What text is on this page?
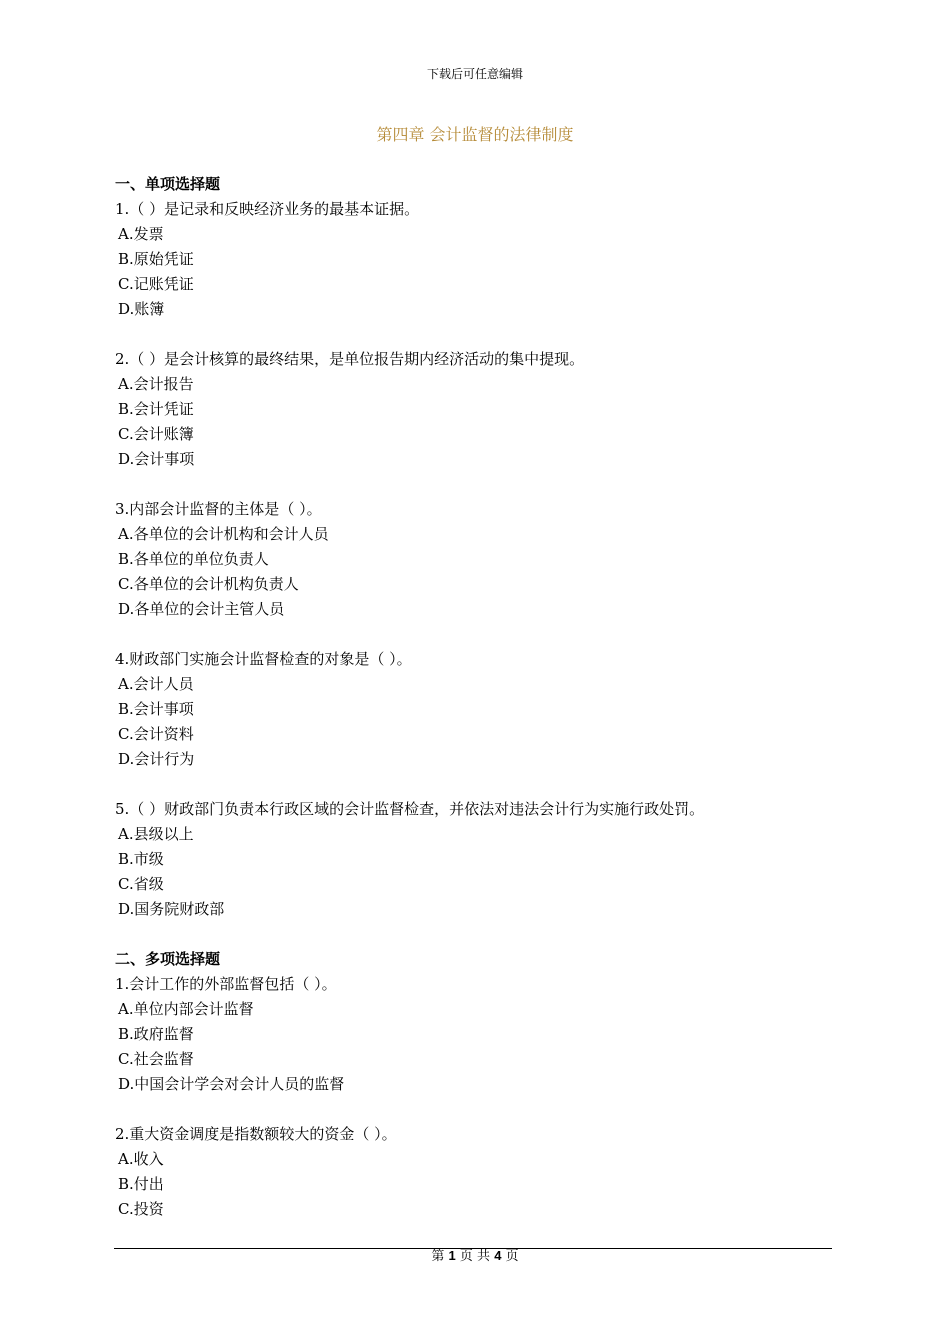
下载后可任意编辑
第四章 会计监督的法律制度
一、单项选择题
1.（ ）是记录和反映经济业务的最基本证据。
A.发票
B.原始凭证
C.记账凭证
D.账簿
2.（ ）是会计核算的最终结果，是单位报告期内经济活动的集中提现。
A.会计报告
B.会计凭证
C.会计账簿
D.会计事项
3.内部会计监督的主体是（ ）。
A.各单位的会计机构和会计人员
B.各单位的单位负责人
C.各单位的会计机构负责人
D.各单位的会计主管人员
4.财政部门实施会计监督检查的对象是（ ）。
A.会计人员
B.会计事项
C.会计资料
D.会计行为
5.（ ）财政部门负责本行政区域的会计监督检查，并依法对违法会计行为实施行政处罚。
A.县级以上
B.市级
C.省级
D.国务院财政部
二、多项选择题
1.会计工作的外部监督包括（ ）。
A.单位内部会计监督
B.政府监督
C.社会监督
D.中国会计学会对会计人员的监督
2.重大资金调度是指数额较大的资金（ ）。
A.收入
B.付出
C.投资
第 1 页 共 4 页
